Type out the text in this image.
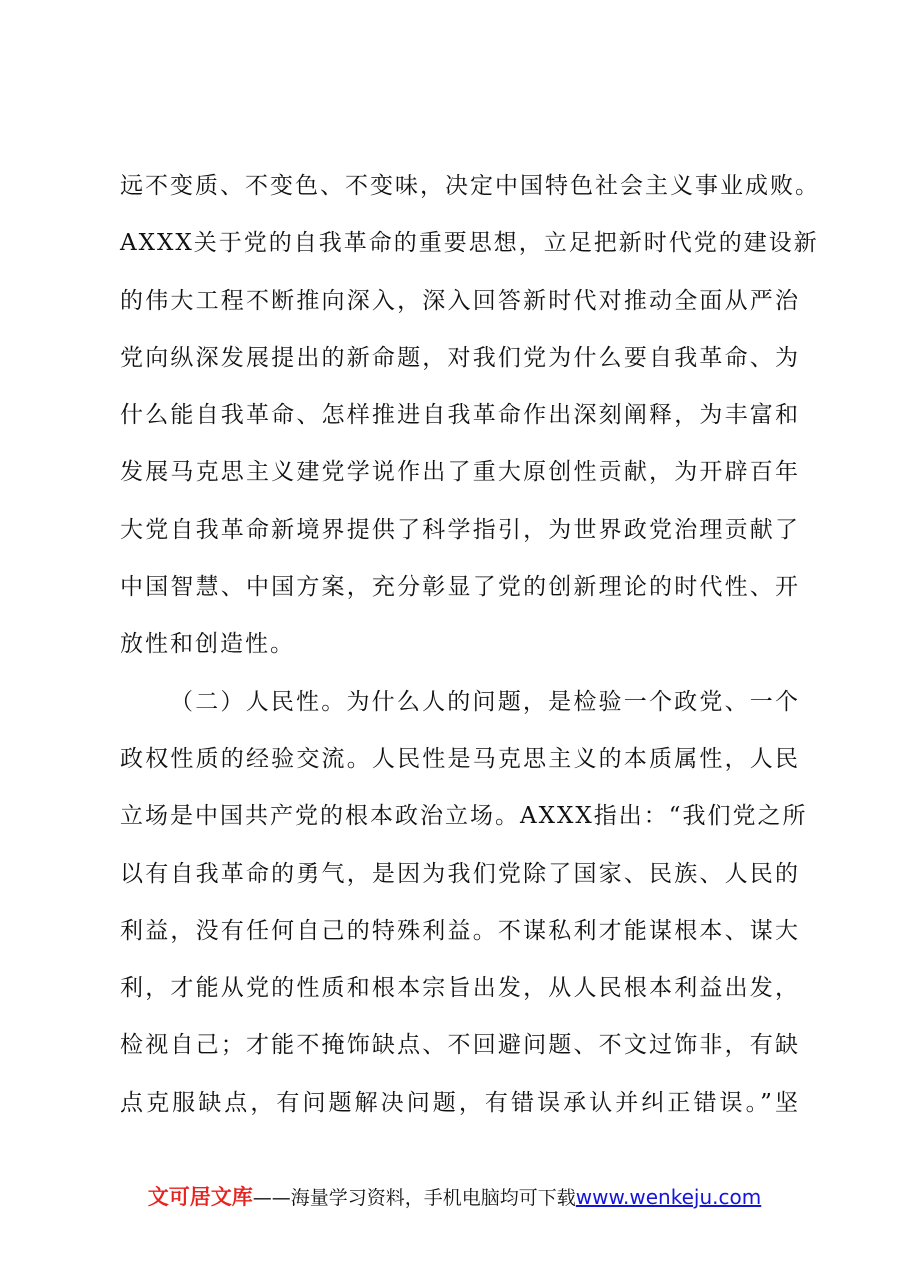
远不变质、不变色、不变味，决定中国特色社会主义事业成败。
AXXX关于党的自我革命的重要思想，立足把新时代党的建设新
的伟大工程不断推向深入，深入回答新时代对推动全面从严治
党向纵深发展提出的新命题，对我们党为什么要自我革命、为
什么能自我革命、怎样推进自我革命作出深刻阐释，为丰富和
发展马克思主义建党学说作出了重大原创性贡献，为开辟百年
大党自我革命新境界提供了科学指引，为世界政党治理贡献了
中国智慧、中国方案，充分彰显了党的创新理论的时代性、开
放性和创造性。
（二）人民性。为什么人的问题，是检验一个政党、一个
政权性质的经验交流。人民性是马克思主义的本质属性，人民
立场是中国共产党的根本政治立场。AXXX指出：“我们党之所
以有自我革命的勇气，是因为我们党除了国家、民族、人民的
利益，没有任何自己的特殊利益。不谋私利才能谋根本、谋大
利，才能从党的性质和根本宗旨出发，从人民根本利益出发，
检视自己；才能不掩饰缺点、不回避问题、不文过饰非，有缺
点克服缺点，有问题解决问题，有错误承认并纠正错误。”坚
文可居文库——海量学习资料，手机电脑均可下载www.wenkeju.com
